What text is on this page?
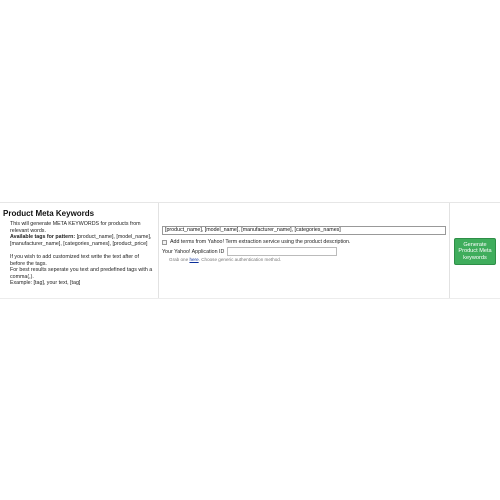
Product Meta Keywords

This will generate META KEYWORDS for products from relevant words.

Available tags for pattern: [product_name], [model_name], [manufacturer_name], [categories_names], [product_price]

If you wish to add customized text write the text after of before the tags.

For best results seperate you text and predefined tags with a comma(,).

Example: [tag], your text, [tag]

[product_name], [model_name], [manufacturer_name], [categories_names]
Add terms from Yahoo! Term extraction service using the product description.
Your Yahoo! Application ID
Grab one here. Choose generic authentication method.
Generate Product Meta keywords
